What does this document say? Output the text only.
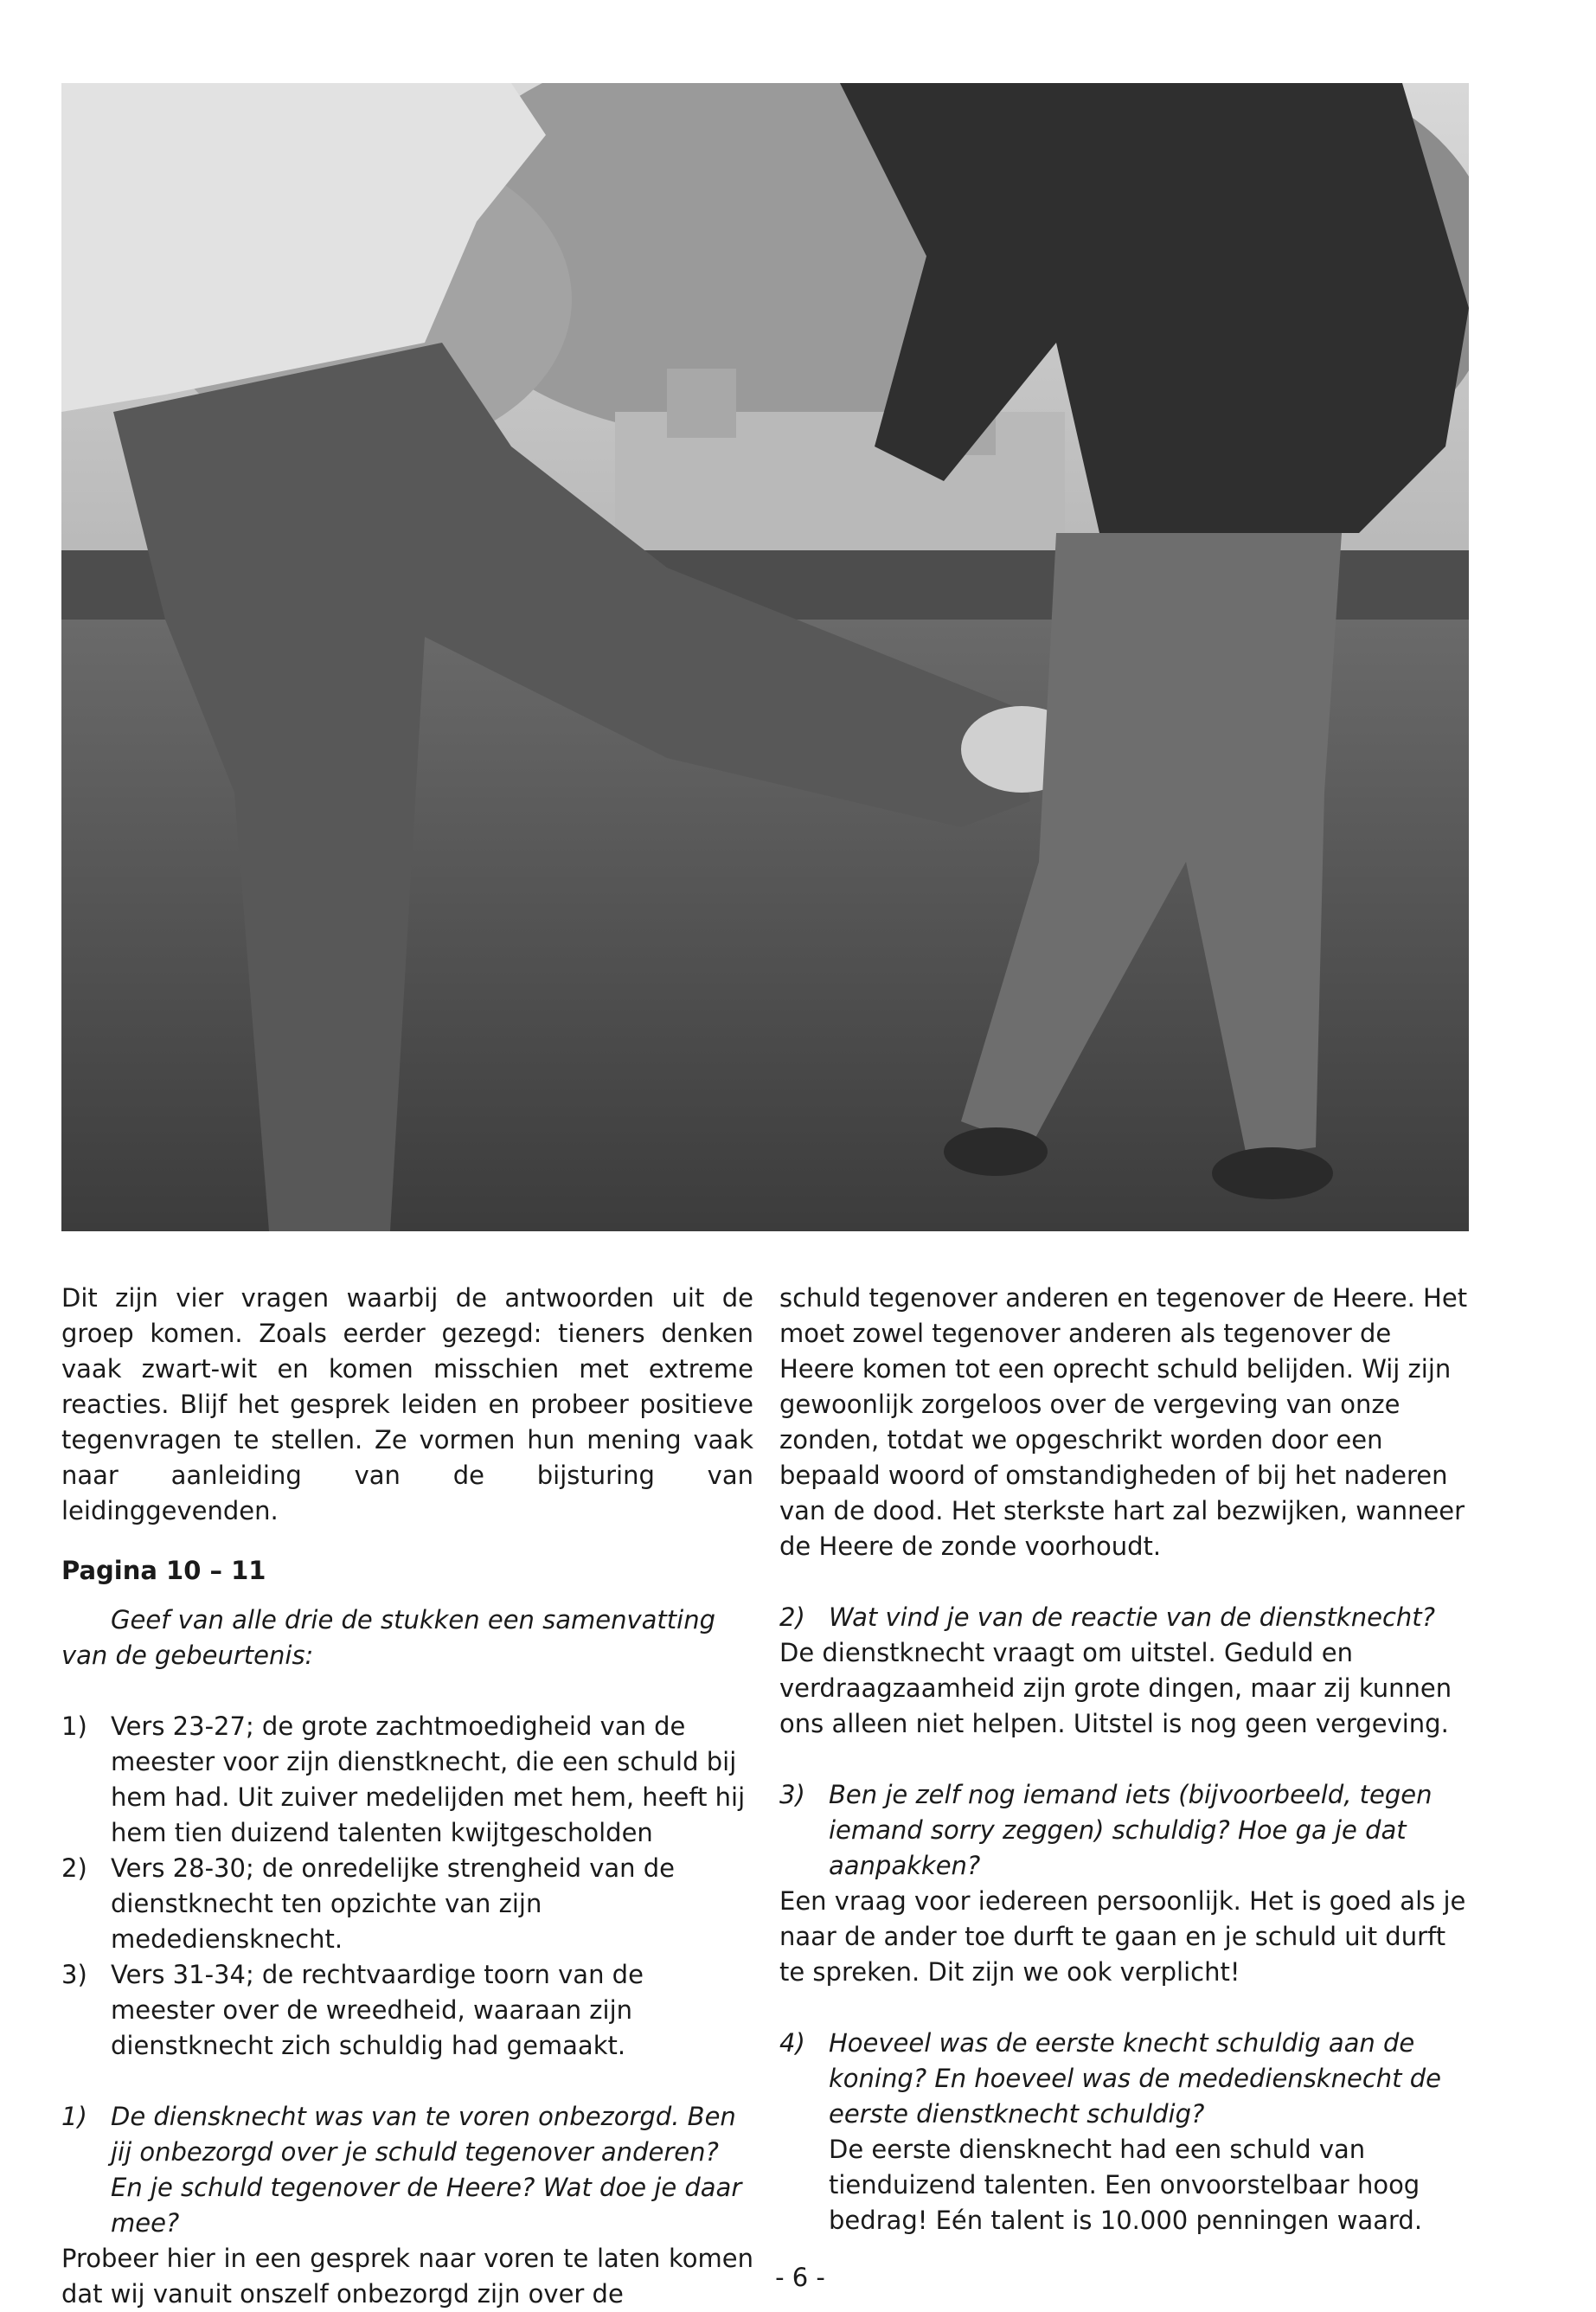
Dit zijn vier vragen waarbij de antwoorden uit de groep komen. Zoals eerder gezegd: tieners denken vaak zwart-wit en komen misschien met extreme reacties. Blijf het gesprek leiden en probeer positieve tegenvragen te stellen. Ze vormen hun mening vaak naar aanleiding van de bijsturing van leidinggevenden.

Pagina 10 – 11

Geef van alle drie de stukken een samenvatting van de gebeurtenis:

1) Vers 23-27; de grote zachtmoedigheid van de meester voor zijn dienstknecht, die een schuld bij hem had. Uit zuiver medelijden met hem, heeft hij hem tien duizend talenten kwijtgescholden
2) Vers 28-30; de onredelijke strengheid van de dienstknecht ten opzichte van zijn medediensknecht.
3) Vers 31-34; de rechtvaardige toorn van de meester over de wreedheid, waaraan zijn dienstknecht zich schuldig had gemaakt.
1) De diensknecht was van te voren onbezorgd. Ben jij onbezorgd over je schuld tegenover anderen? En je schuld tegenover de Heere? Wat doe je daar mee?

Probeer hier in een gesprek naar voren te laten komen dat wij vanuit onszelf onbezorgd zijn over de

schuld tegenover anderen en tegenover de Heere. Het moet zowel tegenover anderen als tegenover de Heere komen tot een oprecht schuld belijden. Wij zijn gewoonlijk zorgeloos over de vergeving van onze zonden, totdat we opgeschrikt worden door een bepaald woord of omstandigheden of bij het naderen van de dood. Het sterkste hart zal bezwijken, wanneer de Heere de zonde voorhoudt.

2) Wat vind je van de reactie van de dienstknecht?

De dienstknecht vraagt om uitstel. Geduld en verdraagzaamheid zijn grote dingen, maar zij kunnen ons alleen niet helpen. Uitstel is nog geen vergeving.

3) Ben je zelf nog iemand iets (bijvoorbeeld, tegen iemand sorry zeggen) schuldig? Hoe ga je dat aanpakken?

Een vraag voor iedereen persoonlijk. Het is goed als je naar de ander toe durft te gaan en je schuld uit durft te spreken. Dit zijn we ook verplicht!

4) Hoeveel was de eerste knecht schuldig aan de koning? En hoeveel was de medediensknecht de eerste dienstknecht schuldig?
De eerste diensknecht had een schuld van tienduizend talenten. Een onvoorstelbaar hoog bedrag! Eén talent is 10.000 penningen waard.
- 6 -
